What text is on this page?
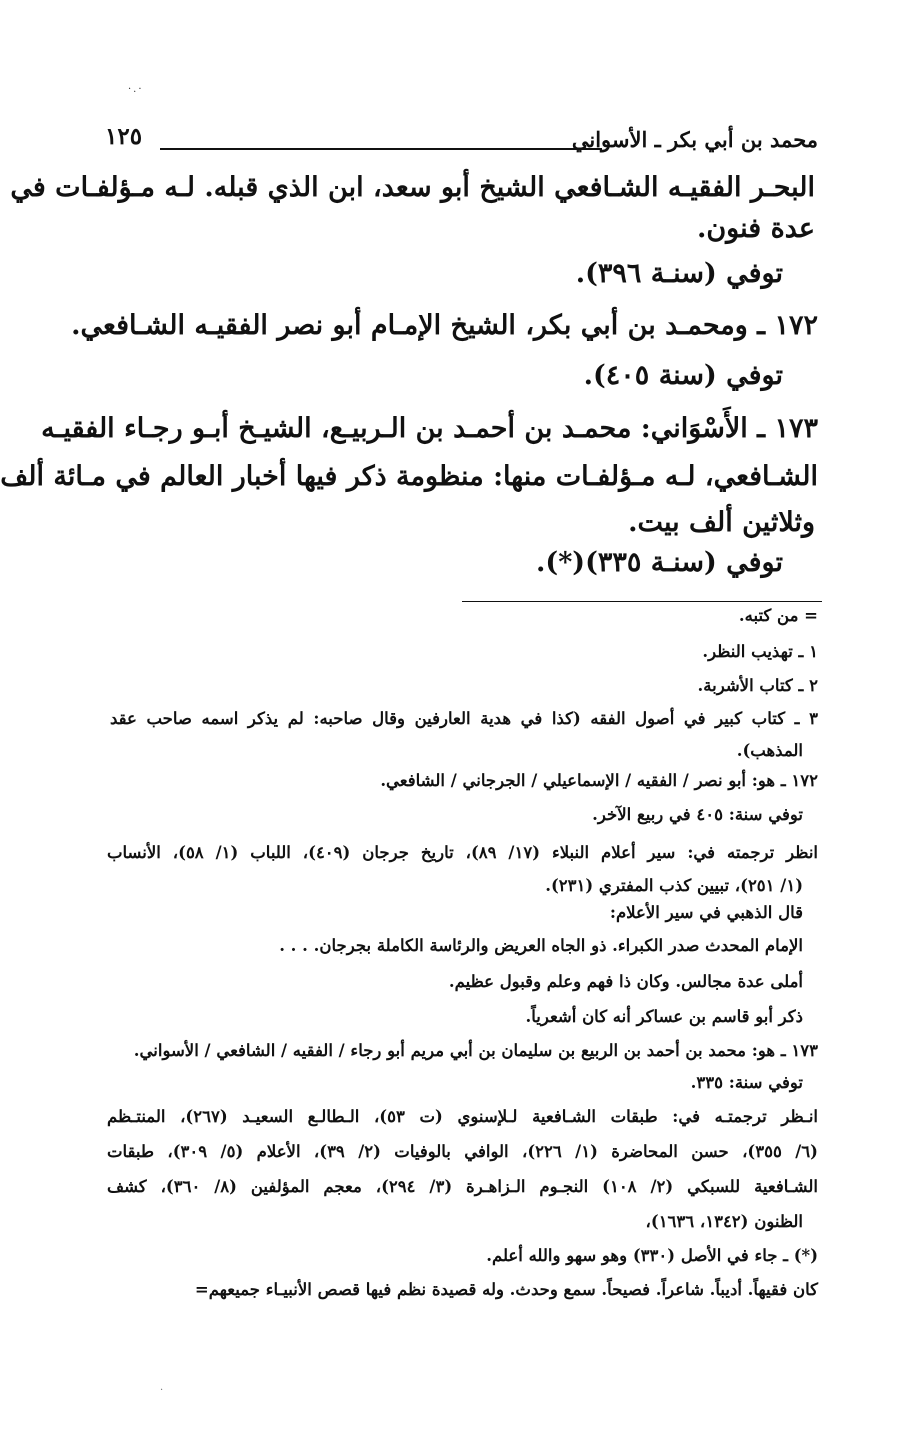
·.·
محمد بن أبي بكر ـ الأسواني
١٢٥
البحـر الفقيـه الشـافعي الشيخ أبو سعد، ابن الذي قبله. لـه مـؤلفـات في
عدة فنون.
توفي (سنـة ٣٩٦).
١٧٢ ـ ومحمـد بن أبي بكر، الشيخ الإمـام أبو نصر الفقيـه الشـافعي.
توفي (سنة ٤٠٥).
١٧٣ ـ الأَسْوَاني: محمـد بن أحمـد بن الـربيـع، الشيـخ أبـو رجـاء الفقيـه
الشـافعي، لـه مـؤلفـات منها: منظومة ذكر فيها أخبار العالم في مـائة ألف
وثلاثين ألف بيت.
توفي (سنـة ٣٣٥)(*).
= من كتبه.
١ ـ تهذيب النظر.
٢ ـ كتاب الأشربة.
٣ ـ كتاب كبير في أصول الفقه (كذا في هدية العارفين وقال صاحبه: لم يذكر اسمه صاحب عقد
المذهب).
١٧٢ ـ هو: أبو نصر / الفقيه / الإسماعيلي / الجرجاني / الشافعي.
توفي سنة: ٤٠٥ في ربيع الآخر.
انظر ترجمته في: سير أعلام النبلاء (١٧/ ٨٩)، تاريخ جرجان (٤٠٩)، اللباب (١/ ٥٨)، الأنساب
(١/ ٢٥١)، تبيين كذب المفتري (٢٣١).
قال الذهبي في سير الأعلام:
الإمام المحدث صدر الكبراء. ذو الجاه العريض والرئاسة الكاملة بجرجان. . . .
أملى عدة مجالس. وكان ذا فهم وعلم وقبول عظيم.
ذكر أبو قاسم بن عساكر أنه كان أشعرياً.
١٧٣ ـ هو: محمد بن أحمد بن الربيع بن سليمان بن أبي مريم أبو رجاء / الفقيه / الشافعي / الأسواني.
توفي سنة: ٣٣٥.
انـظر ترجمتـه في: طبقات الشـافعية لـلإسنوي (ت ٥٣)، الـطالـع السعيـد (٢٦٧)، المنتـظم
(٦/ ٣٥٥)، حسن المحاضرة (١/ ٢٢٦)، الوافي بالوفيات (٢/ ٣٩)، الأعلام (٥/ ٣٠٩)، طبقات
الشـافعية للسبكي (٢/ ١٠٨) النجـوم الـزاهـرة (٣/ ٢٩٤)، معجم المؤلفين (٨/ ٣٦٠)، كشف
الظنون (١٣٤٢، ١٦٣٦)،
(*) ـ جاء في الأصل (٣٣٠) وهو سهو والله أعلم.
كان فقيهاً. أديباً. شاعراً. فصيحاً. سمع وحدث. وله قصيدة نظم فيها قصص الأنبيـاء جميعهم=
·
